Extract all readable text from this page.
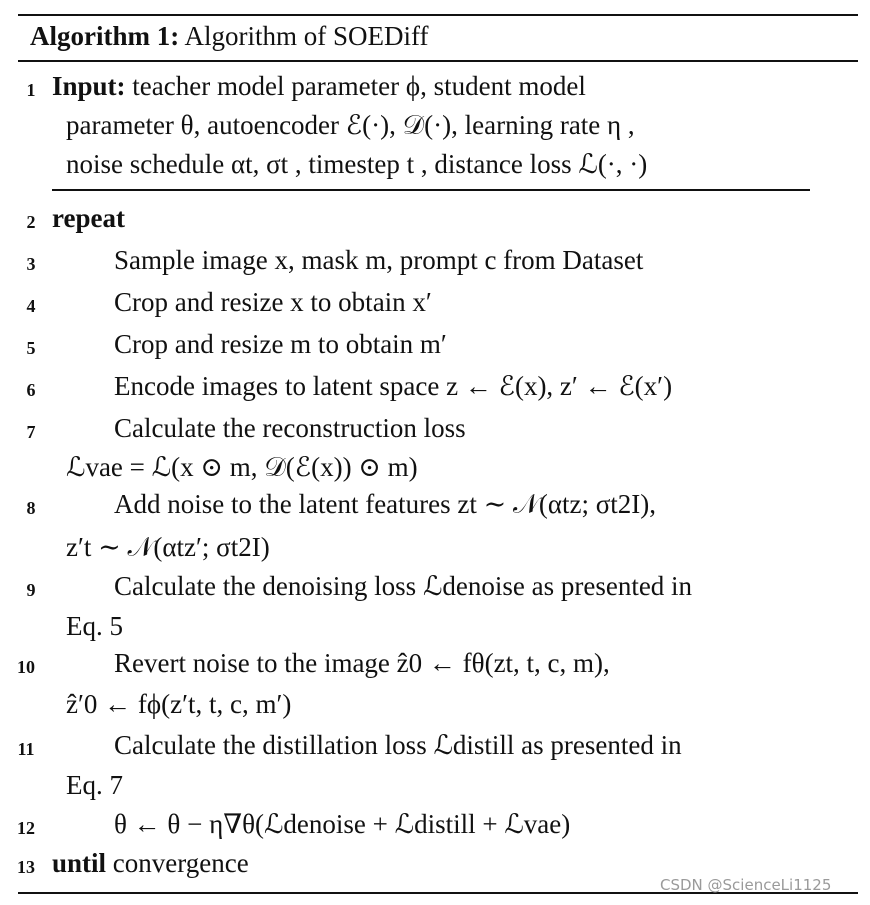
Algorithm 1: Algorithm of SOEDiff
1 Input: teacher model parameter ϕ, student model
parameter θ, autoencoder ℰ(·), 𝒟(·), learning rate η ,
noise schedule αt, σt , timestep t , distance loss ℒ(·, ·)
2 repeat
3	Sample image x, mask m, prompt c from Dataset
4	Crop and resize x to obtain x′
5	Crop and resize m to obtain m′
6	Encode images to latent space z ← ℰ(x), z′ ← ℰ(x′)
7	Calculate the reconstruction loss
ℒvae = ℒ(x ⊙ m, 𝒟(ℰ(x)) ⊙ m)
8	Add noise to the latent features zt ∼ 𝒩(αtz; σt2I),
z′t ∼ 𝒩(αtz′; σt2I)
9	Calculate the denoising loss ℒdenoise as presented in
Eq. 5
10	Revert noise to the image ẑ0 ← fθ(zt, t, c, m),
ẑ′0 ← fϕ(z′t, t, c, m′)
11	Calculate the distillation loss ℒdistill as presented in
Eq. 7
12	θ ← θ − η∇θ(ℒdenoise + ℒdistill + ℒvae)
13 until convergence
CSDN @ScienceLi1125
